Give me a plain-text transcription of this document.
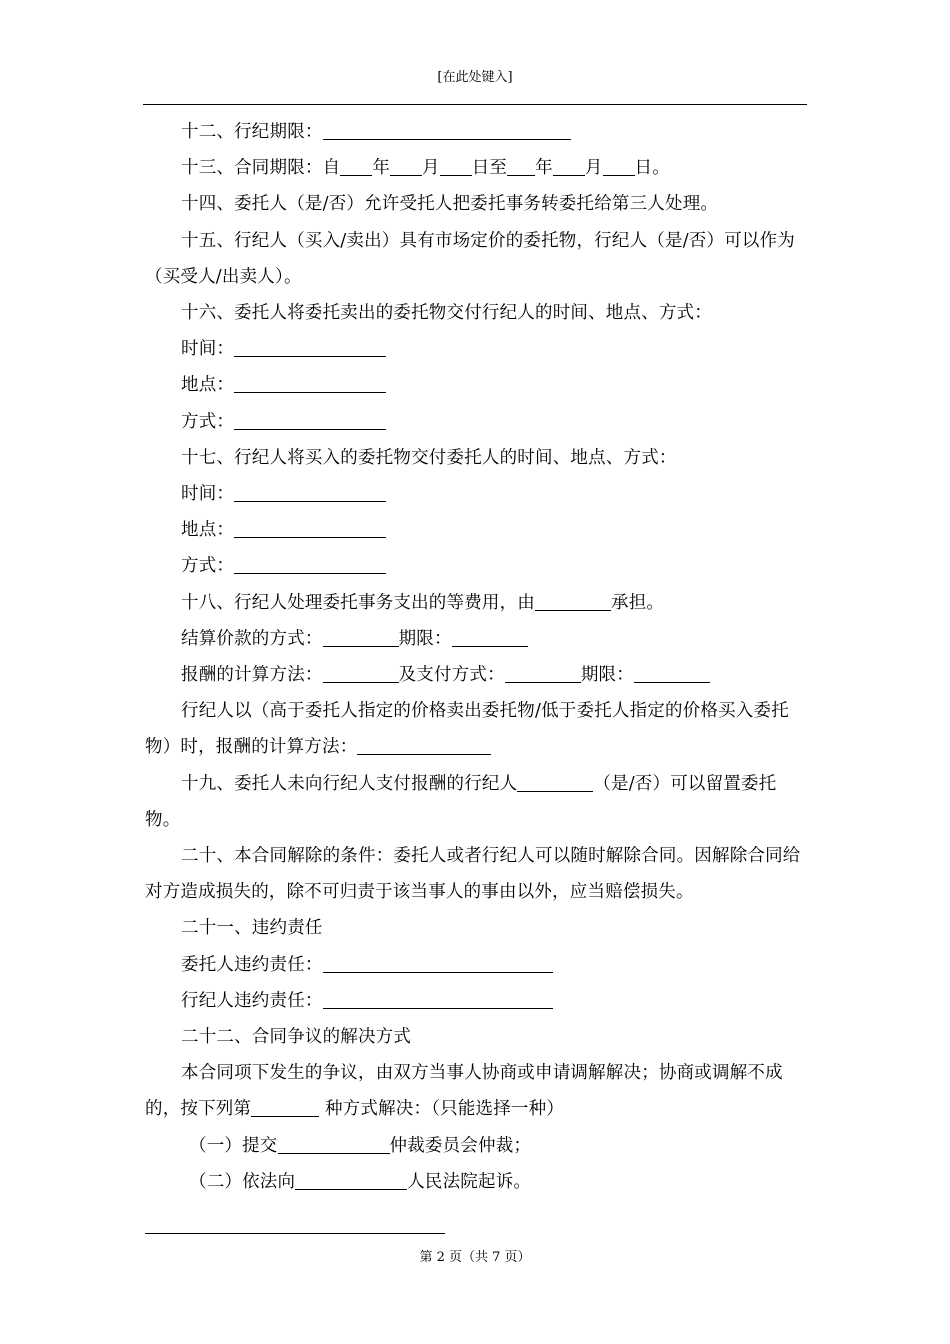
[在此处键入]

十二、行纪期限：

十三、合同期限：自 年 月 日至 年 月 日。

十四、委托人（是/否）允许受托人把委托事务转委托给第三人处理。

十五、行纪人（买入/卖出）具有市场定价的委托物，行纪人（是/否）可以作为（买受人/出卖人）。

十六、委托人将委托卖出的委托物交付行纪人的时间、地点、方式：

时间：

地点：

方式：

十七、行纪人将买入的委托物交付委托人的时间、地点、方式：

时间：

地点：

方式：

十八、行纪人处理委托事务支出的等费用，由	承担。

结算价款的方式：	期限：

报酬的计算方法：	及支付方式：	期限：

行纪人以（高于委托人指定的价格卖出委托物/低于委托人指定的价格买入委托物）时，报酬的计算方法：

十九、委托人未向行纪人支付报酬的行纪人	（是/否）可以留置委托物。

二十、本合同解除的条件：委托人或者行纪人可以随时解除合同。因解除合同给对方造成损失的，除不可归责于该当事人的事由以外，应当赔偿损失。

二十一、违约责任

委托人违约责任：

行纪人违约责任：

二十二、合同争议的解决方式

本合同项下发生的争议，由双方当事人协商或申请调解解决；协商或调解不成的，按下列第	种方式解决：（只能选择一种）

（一）提交	仲裁委员会仲裁；

（二）依法向	人民法院起诉。

第 2 页（共 7 页）
